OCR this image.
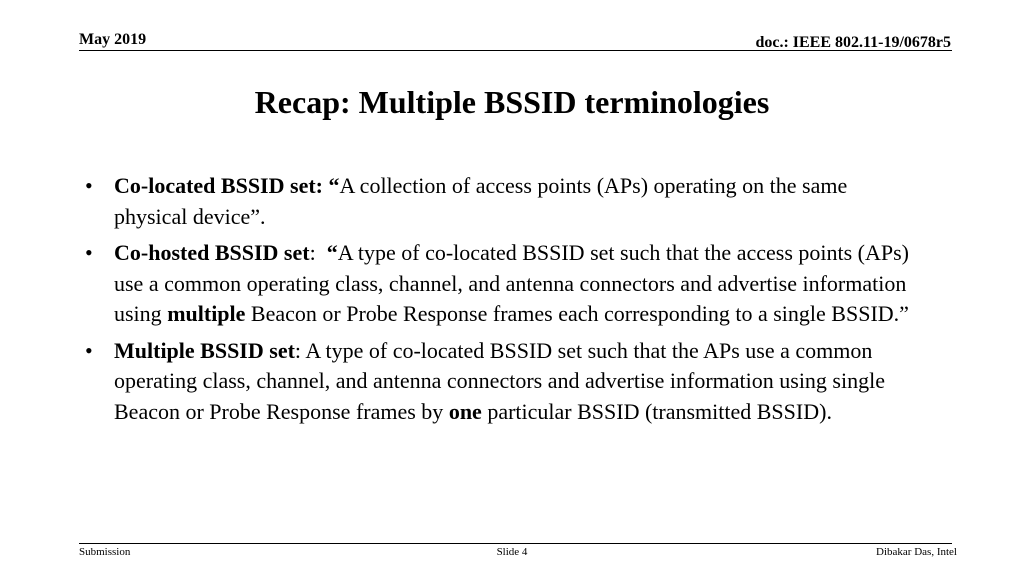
May 2019	doc.: IEEE 802.11-19/0678r5
Recap: Multiple BSSID terminologies
• Co-located BSSID set: “A collection of access points (APs) operating on the same physical device”.
• Co-hosted BSSID set:  “A type of co-located BSSID set such that the access points (APs) use a common operating class, channel, and antenna connectors and advertise information using multiple Beacon or Probe Response frames each corresponding to a single BSSID.”
• Multiple BSSID set: A type of co-located BSSID set such that the APs use a common operating class, channel, and antenna connectors and advertise information using single Beacon or Probe Response frames by one particular BSSID (transmitted BSSID).
Submission	Slide 4	Dibakar Das, Intel
